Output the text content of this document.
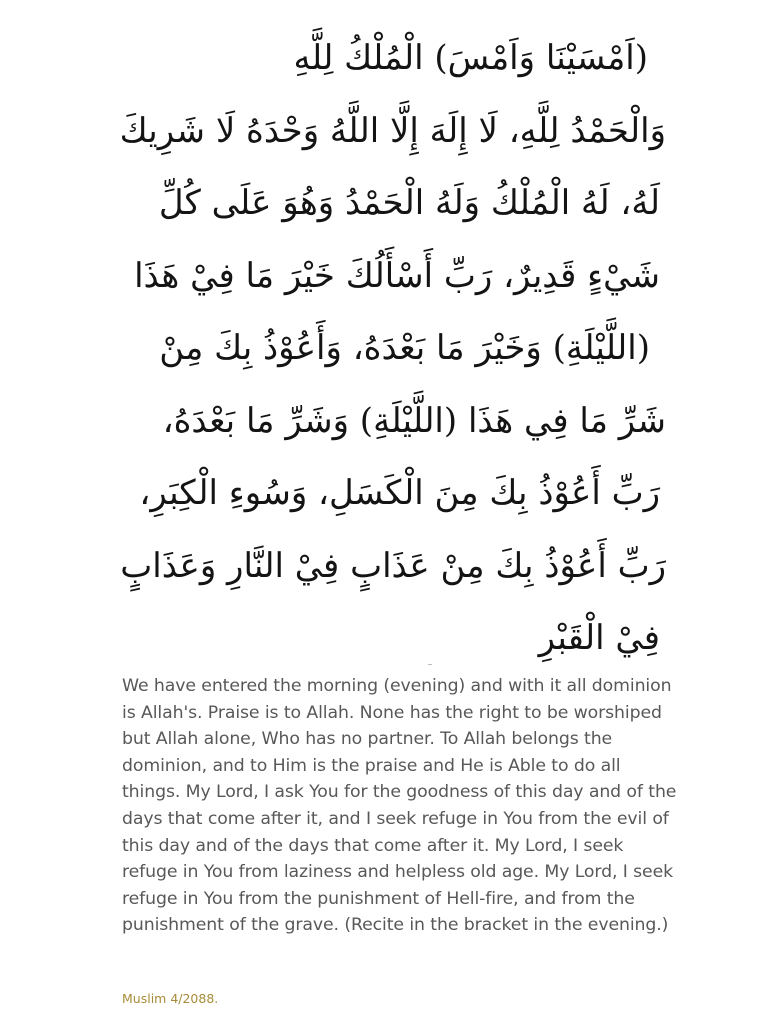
(اَمْسَيْنَا وَاَمْسَ) الْمُلْكُ لِلَّهِ
وَالْحَمْدُ لِلَّهِ، لَا إِلَهَ إِلَّا اللَّهُ وَحْدَهُ لَا شَرِيكَ
لَهُ، لَهُ الْمُلْكُ وَلَهُ الْحَمْدُ وَهُوَ عَلَى كُلِّ
شَيْءٍ قَدِيرٌ، رَبِّ أَسْأَلُكَ خَيْرَ مَا فِيْ هَذَا
(اللَّيْلَةِ) وَخَيْرَ مَا بَعْدَهُ، وَأَعُوْذُ بِكَ مِنْ
شَرِّ مَا فِي هَذَا (اللَّيْلَةِ) وَشَرِّ مَا بَعْدَهُ،
رَبِّ أَعُوْذُ بِكَ مِنَ الْكَسَلِ، وَسُوءِ الْكِبَرِ،
رَبِّ أَعُوْذُ بِكَ مِنْ عَذَابٍ فِيْ النَّارِ وَعَذَابٍ
فِيْ الْقَبْرِ

We have entered the morning (evening) and with it all dominion is Allah's. Praise is to Allah. None has the right to be worshiped but Allah alone, Who has no partner. To Allah belongs the dominion, and to Him is the praise and He is Able to do all things. My Lord, I ask You for the goodness of this day and of the days that come after it, and I seek refuge in You from the evil of this day and of the days that come after it. My Lord, I seek refuge in You from laziness and helpless old age. My Lord, I seek refuge in You from the punishment of Hell-fire, and from the punishment of the grave. (Recite in the bracket in the evening.)

Muslim 4/2088.
